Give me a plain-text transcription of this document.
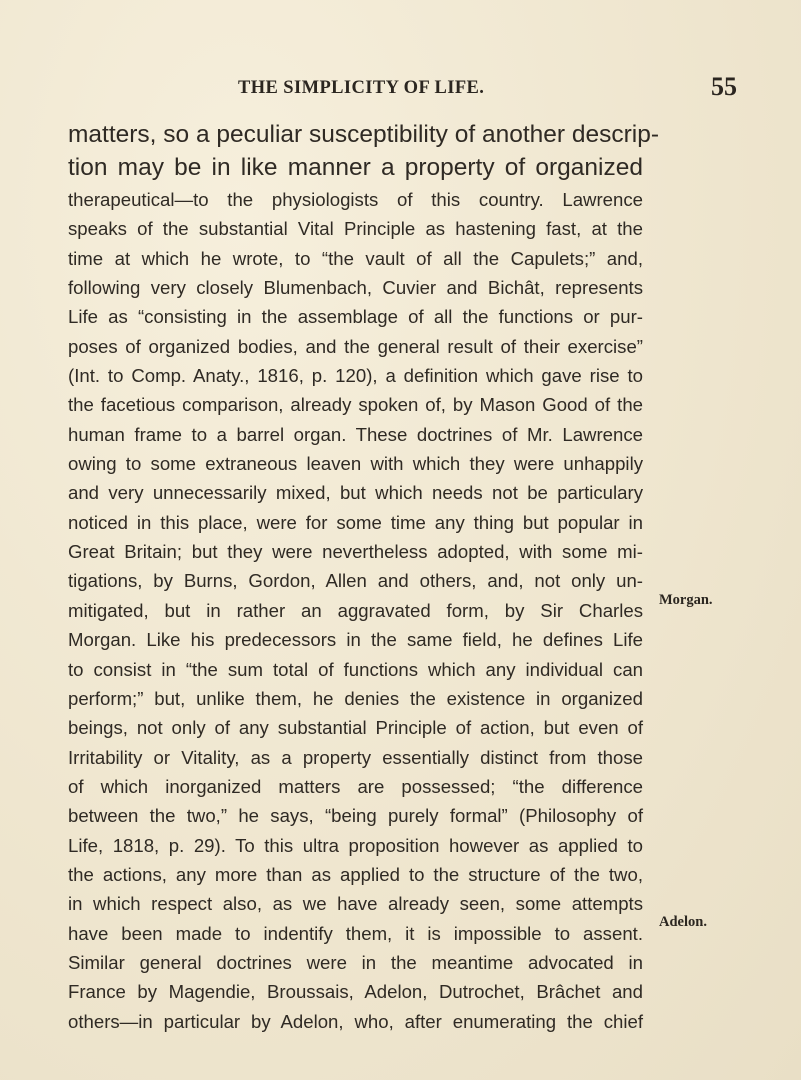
THE SIMPLICITY OF LIFE.	55
matters, so a peculiar susceptibility of another descrip-
tion may be in like manner a property of organized
therapeutical—to the physiologists of this country. Lawrence
speaks of the substantial Vital Principle as hastening fast, at the
time at which he wrote, to “the vault of all the Capulets;” and,
following very closely Blumenbach, Cuvier and Bichât, represents
Life as “consisting in the assemblage of all the functions or pur-
poses of organized bodies, and the general result of their exercise”
(Int. to Comp. Anaty., 1816, p. 120), a definition which gave rise to
the facetious comparison, already spoken of, by Mason Good of the
human frame to a barrel organ. These doctrines of Mr. Lawrence
owing to some extraneous leaven with which they were unhappily
and very unnecessarily mixed, but which needs not be particulary
noticed in this place, were for some time any thing but popular in
Great Britain; but they were nevertheless adopted, with some mi-
tigations, by Burns, Gordon, Allen and others, and, not only un-
mitigated, but in rather an aggravated form, by Sir Charles
Morgan. Like his predecessors in the same field, he defines Life
to consist in “the sum total of functions which any individual can
perform;” but, unlike them, he denies the existence in organized
beings, not only of any substantial Principle of action, but even of
Irritability or Vitality, as a property essentially distinct from those
of which inorganized matters are possessed; “the difference
between the two,” he says, “being purely formal” (Philosophy of
Life, 1818, p. 29). To this ultra proposition however as applied to
the actions, any more than as applied to the structure of the two,
in which respect also, as we have already seen, some attempts
have been made to indentify them, it is impossible to assent.
Similar general doctrines were in the meantime advocated in
France by Magendie, Broussais, Adelon, Dutrochet, Brâchet and
others—in particular by Adelon, who, after enumerating the chief
Morgan.
Adelon.
